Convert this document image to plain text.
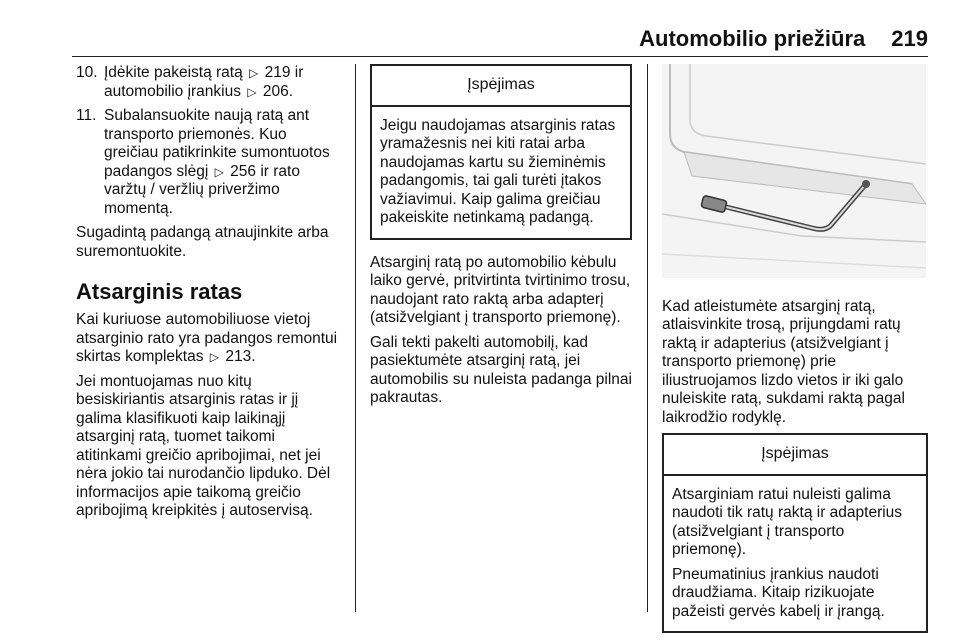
Automobilio priežiūra 219
10. Įdėkite pakeistą ratą ▷ 219 ir automobilio įrankius ▷ 206.
11. Subalansuokite naują ratą ant transporto priemonės. Kuo greičiau patikrinkite sumontuotos padangos slėgį ▷ 256 ir rato varžtų / veržlių priveržimo momentą.

Sugadintą padangą atnaujinkite arba suremontuokite.

Atsarginis ratas

Kai kuriuose automobiliuose vietoj atsarginio rato yra padangos remontui skirtas komplektas ▷ 213.

Jei montuojamas nuo kitų besiskiriantis atsarginis ratas ir jį galima klasifikuoti kaip laikinąjį atsarginį ratą, tuomet taikomi atitinkami greičio apribojimai, net jei nėra jokio tai nurodančio lipduko. Dėl informacijos apie taikomą greičio apribojimą kreipkitės į autoservisą.

Įspėjimas

Jeigu naudojamas atsarginis ratas yramažesnis nei kiti ratai arba naudojamas kartu su žieminėmis padangomis, tai gali turėti įtakos važiavimui. Kaip galima greičiau pakeiskite netinkamą padangą.

Atsarginį ratą po automobilio kėbulu laiko gervė, pritvirtinta tvirtinimo trosu, naudojant rato raktą arba adapterį (atsižvelgiant į transporto priemonę).

Gali tekti pakelti automobilį, kad pasiektumėte atsarginį ratą, jei automobilis su nuleista padanga pilnai pakrautas.

Kad atleistumėte atsarginį ratą, atlaisvinkite trosą, prijungdami ratų raktą ir adapterius (atsižvelgiant į transporto priemonę) prie iliustruojamos lizdo vietos ir iki galo nuleiskite ratą, sukdami raktą pagal laikrodžio rodyklę.

Įspėjimas

Atsarginiam ratui nuleisti galima naudoti tik ratų raktą ir adapterius (atsižvelgiant į transporto priemonę).

Pneumatinius įrankius naudoti draudžiama. Kitaip rizikuojate pažeisti gervės kabelį ir įrangą.
